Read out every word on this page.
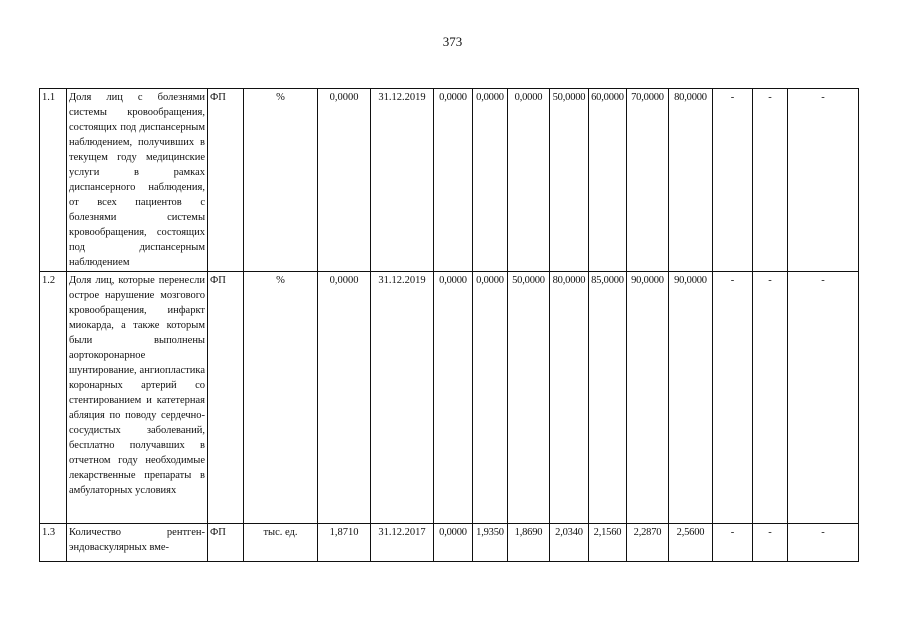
373
1.1	Доля лиц с болезнями системы кровообращения, состоящих под диспансерным наблюдением, получивших в текущем году медицинские услуги в рамках диспансерного наблюдения, от всех пациентов с болезнями системы кровообращения, состоящих под диспансерным наблюдением	ФП	%	0,0000	31.12.2019	0,0000	0,0000	0,0000	50,0000	60,0000	70,0000	80,0000	-	-	-
1.2	Доля лиц, которые перенесли острое нарушение мозгового кровообращения, инфаркт миокарда, а также которым были выполнены аортокоронарное шунтирование, ангиопластика коронарных артерий со стентированием и катетерная абляция по поводу сердечно-сосудистых заболеваний, бесплатно получавших в отчетном году необходимые лекарственные препараты в амбулаторных условиях	ФП	%	0,0000	31.12.2019	0,0000	0,0000	50,0000	80,0000	85,0000	90,0000	90,0000	-	-	-
1.3	Количество рентген-эндоваскулярных вме-	ФП	тыс. ед.	1,8710	31.12.2017	0,0000	1,9350	1,8690	2,0340	2,1560	2,2870	2,5600	-	-	-
